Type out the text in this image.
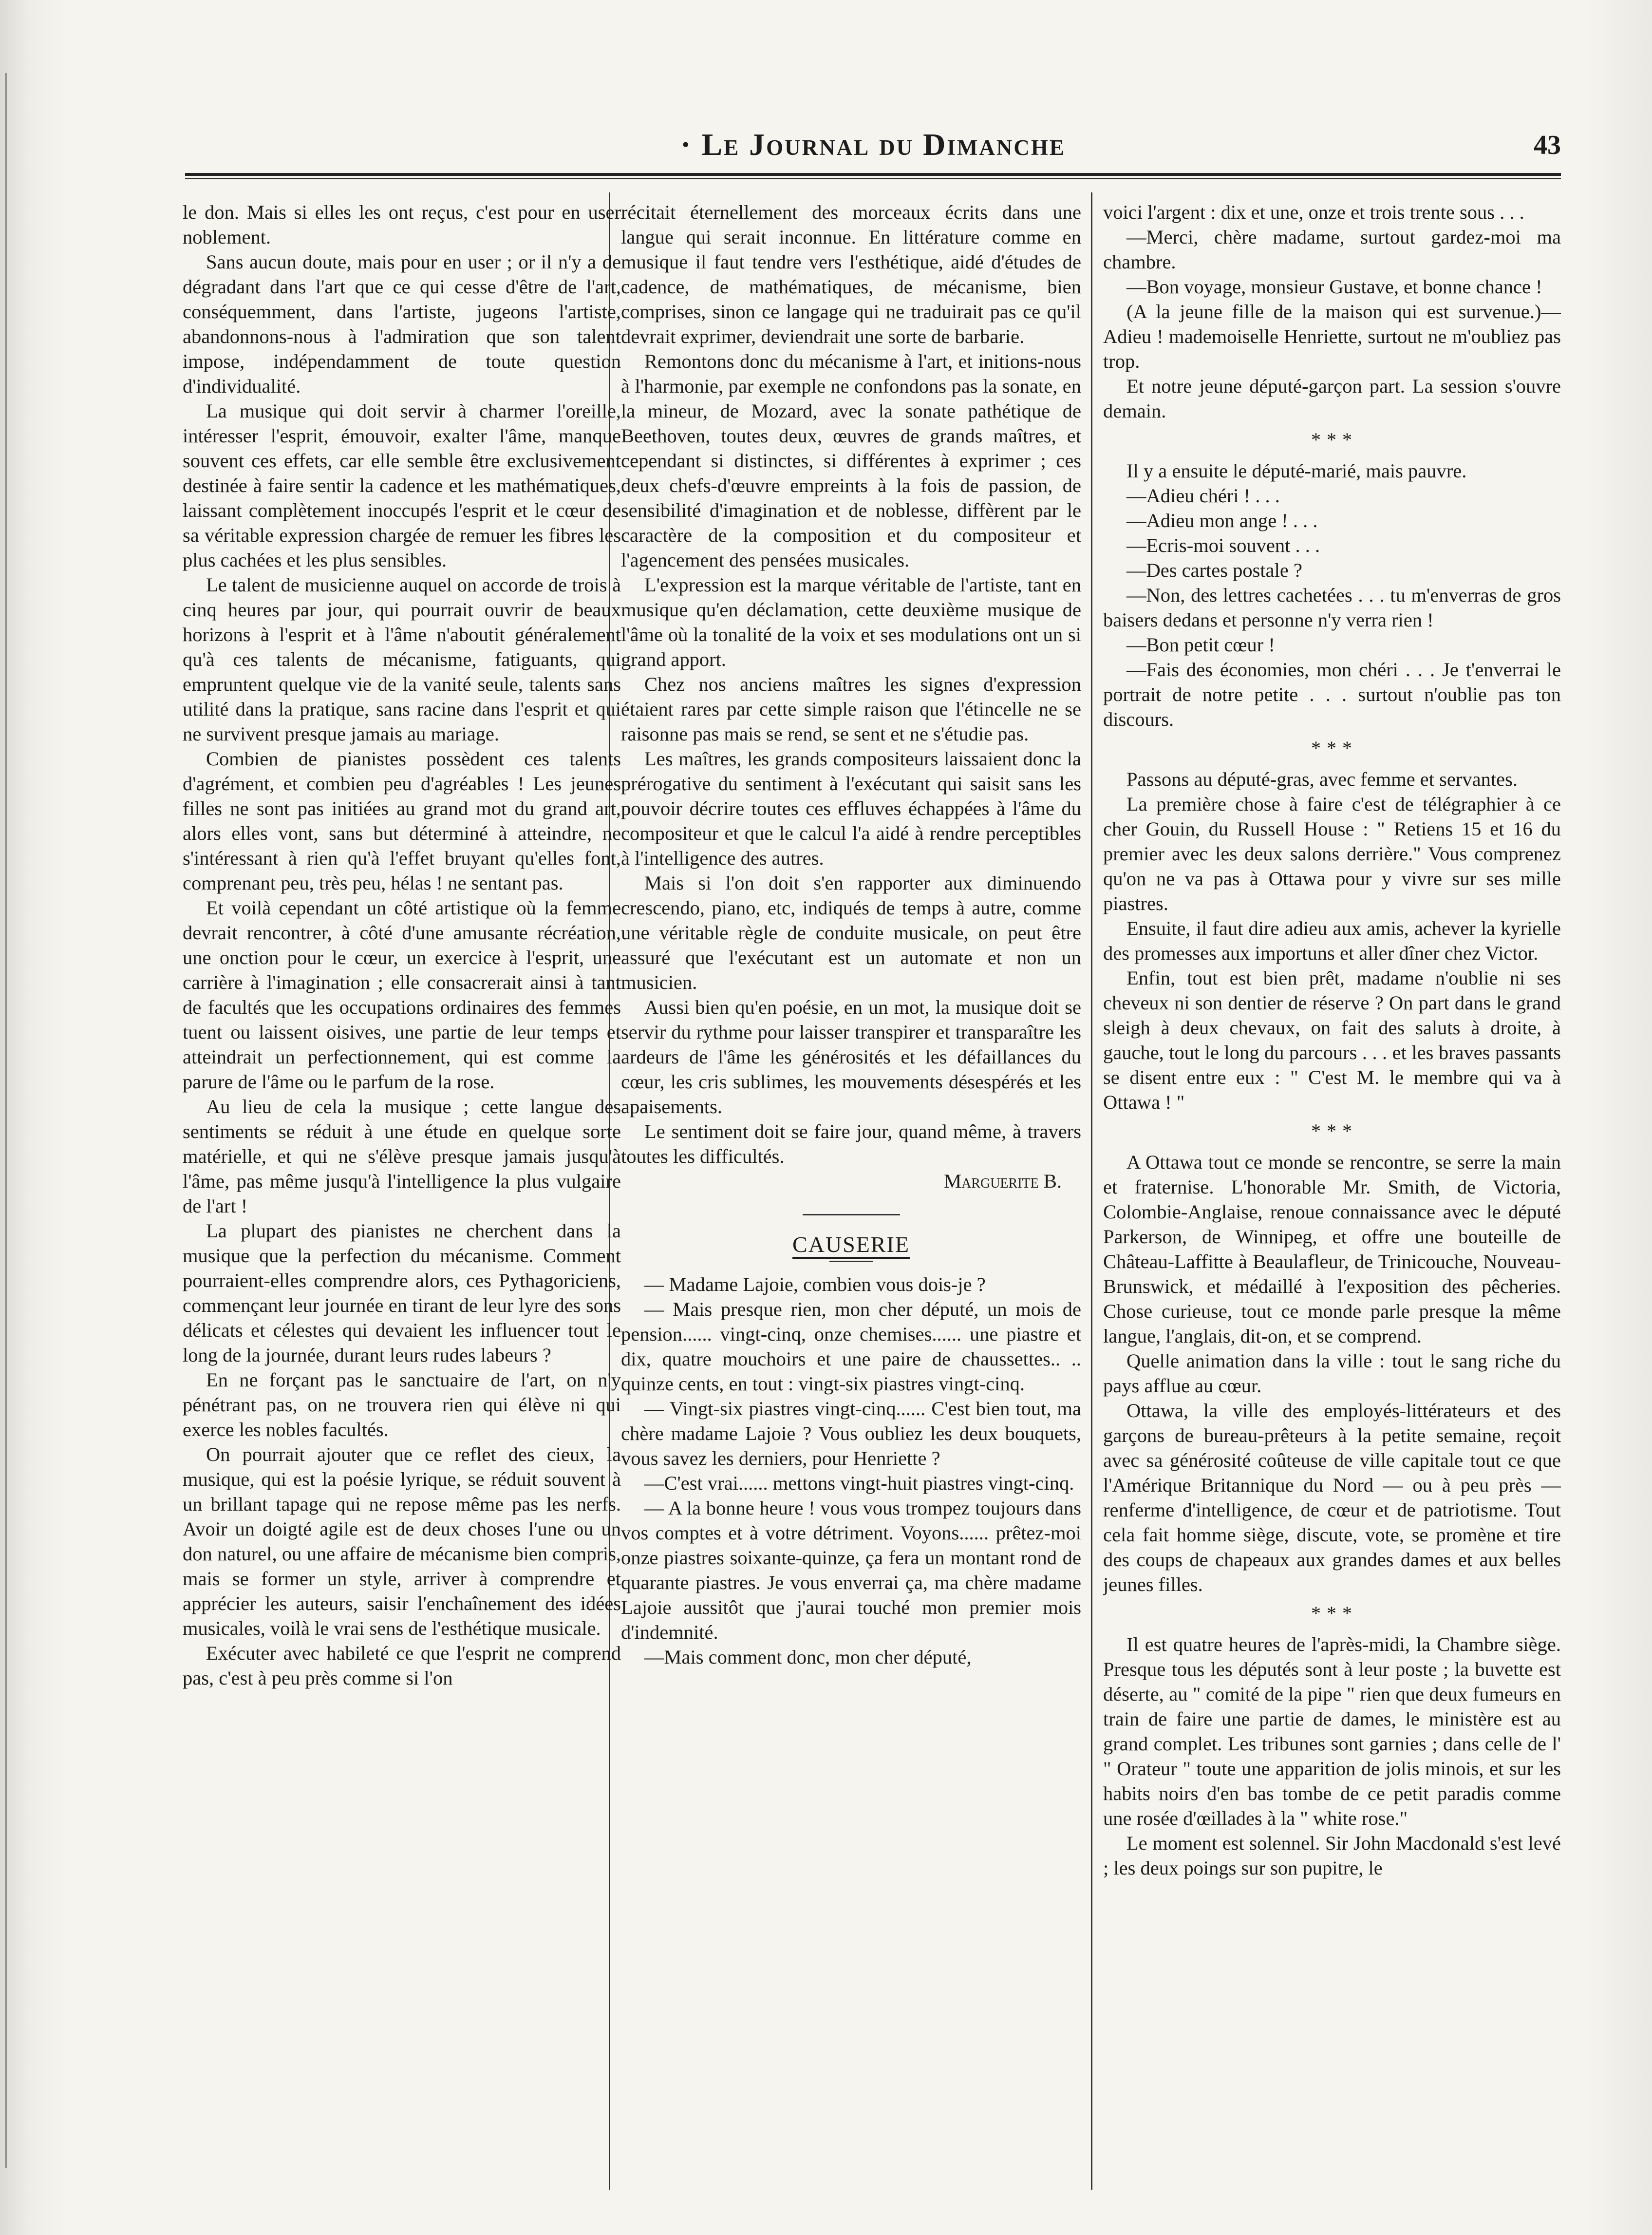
· Le Journal du Dimanche	43

le don. Mais si elles les ont reçus, c'est pour en user noblement.

Sans aucun doute, mais pour en user ; or il n'y a de dégradant dans l'art que ce qui cesse d'être de l'art, conséquemment, dans l'artiste, jugeons l'artiste, abandonnons-nous à l'admiration que son talent impose, indépendamment de toute question d'individualité.

La musique qui doit servir à charmer l'oreille, intéresser l'esprit, émouvoir, exalter l'âme, manque souvent ces effets, car elle semble être exclusivement destinée à faire sentir la cadence et les mathématiques, laissant complètement inoccupés l'esprit et le cœur de sa véritable expression chargée de remuer les fibres les plus cachées et les plus sensibles.

Le talent de musicienne auquel on accorde de trois à cinq heures par jour, qui pourrait ouvrir de beaux horizons à l'esprit et à l'âme n'aboutit généralement qu'à ces talents de mécanisme, fatiguants, qui empruntent quelque vie de la vanité seule, talents sans utilité dans la pratique, sans racine dans l'esprit et qui ne survivent presque jamais au mariage.

Combien de pianistes possèdent ces talents d'agrément, et combien peu d'agréables ! Les jeunes filles ne sont pas initiées au grand mot du grand art, alors elles vont, sans but déterminé à atteindre, ne s'intéressant à rien qu'à l'effet bruyant qu'elles font, comprenant peu, très peu, hélas ! ne sentant pas.

Et voilà cependant un côté artistique où la femme devrait rencontrer, à côté d'une amusante récréation, une onction pour le cœur, un exercice à l'esprit, une carrière à l'imagination ; elle consacrerait ainsi à tant de facultés que les occupations ordinaires des femmes tuent ou laissent oisives, une partie de leur temps et atteindrait un perfectionnement, qui est comme la parure de l'âme ou le parfum de la rose.

Au lieu de cela la musique ; cette langue des sentiments se réduit à une étude en quelque sorte matérielle, et qui ne s'élève presque jamais jusqu'à l'âme, pas même jusqu'à l'intelligence la plus vulgaire de l'art !

La plupart des pianistes ne cherchent dans la musique que la perfection du mécanisme. Comment pourraient-elles comprendre alors, ces Pythagoriciens, commençant leur journée en tirant de leur lyre des sons délicats et célestes qui devaient les influencer tout le long de la journée, durant leurs rudes labeurs ?

En ne forçant pas le sanctuaire de l'art, on n'y pénétrant pas, on ne trouvera rien qui élève ni qui exerce les nobles facultés.

On pourrait ajouter que ce reflet des cieux, la musique, qui est la poésie lyrique, se réduit souvent à un brillant tapage qui ne repose même pas les nerfs. Avoir un doigté agile est de deux choses l'une ou un don naturel, ou une affaire de mécanisme bien compris, mais se former un style, arriver à comprendre et apprécier les auteurs, saisir l'enchaînement des idées musicales, voilà le vrai sens de l'esthétique musicale.

Exécuter avec habileté ce que l'esprit ne comprend pas, c'est à peu près comme si l'on

récitait éternellement des morceaux écrits dans une langue qui serait inconnue. En littérature comme en musique il faut tendre vers l'esthétique, aidé d'études de cadence, de mathématiques, de mécanisme, bien comprises, sinon ce langage qui ne traduirait pas ce qu'il devrait exprimer, deviendrait une sorte de barbarie.

Remontons donc du mécanisme à l'art, et initions-nous à l'harmonie, par exemple ne confondons pas la sonate, en la mineur, de Mozard, avec la sonate pathétique de Beethoven, toutes deux, œuvres de grands maîtres, et cependant si distinctes, si différentes à exprimer ; ces deux chefs-d'œuvre empreints à la fois de passion, de sensibilité d'imagination et de noblesse, diffèrent par le caractère de la composition et du compositeur et l'agencement des pensées musicales.

L'expression est la marque véritable de l'artiste, tant en musique qu'en déclamation, cette deuxième musique de l'âme où la tonalité de la voix et ses modulations ont un si grand apport.

Chez nos anciens maîtres les signes d'expression étaient rares par cette simple raison que l'étincelle ne se raisonne pas mais se rend, se sent et ne s'étudie pas.

Les maîtres, les grands compositeurs laissaient donc la prérogative du sentiment à l'exécutant qui saisit sans les pouvoir décrire toutes ces effluves échappées à l'âme du compositeur et que le calcul l'a aidé à rendre perceptibles à l'intelligence des autres.

Mais si l'on doit s'en rapporter aux diminuendo crescendo, piano, etc, indiqués de temps à autre, comme une véritable règle de conduite musicale, on peut être assuré que l'exécutant est un automate et non un musicien.

Aussi bien qu'en poésie, en un mot, la musique doit se servir du rythme pour laisser transpirer et transparaître les ardeurs de l'âme les générosités et les défaillances du cœur, les cris sublimes, les mouvements désespérés et les apaisements.

Le sentiment doit se faire jour, quand même, à travers toutes les difficultés.

Marguerite B.

CAUSERIE

— Madame Lajoie, combien vous dois-je ?

— Mais presque rien, mon cher député, un mois de pension...... vingt-cinq, onze chemises...... une piastre et dix, quatre mouchoirs et une paire de chaussettes.. .. quinze cents, en tout : vingt-six piastres vingt-cinq.

— Vingt-six piastres vingt-cinq...... C'est bien tout, ma chère madame Lajoie ? Vous oubliez les deux bouquets, vous savez les derniers, pour Henriette ?

—C'est vrai...... mettons vingt-huit piastres vingt-cinq.

— A la bonne heure ! vous vous trompez toujours dans vos comptes et à votre détriment. Voyons...... prêtez-moi onze piastres soixante-quinze, ça fera un montant rond de quarante piastres. Je vous enverrai ça, ma chère madame Lajoie aussitôt que j'aurai touché mon premier mois d'indemnité.

—Mais comment donc, mon cher député,

voici l'argent : dix et une, onze et trois trente sous . . .

—Merci, chère madame, surtout gardez-moi ma chambre.

—Bon voyage, monsieur Gustave, et bonne chance !

(A la jeune fille de la maison qui est survenue.)—Adieu ! mademoiselle Henriette, surtout ne m'oubliez pas trop.

Et notre jeune député-garçon part. La session s'ouvre demain.

* * *

Il y a ensuite le député-marié, mais pauvre.

—Adieu chéri ! . . .

—Adieu mon ange ! . . .

—Ecris-moi souvent . . .

—Des cartes postale ?

—Non, des lettres cachetées . . . tu m'enverras de gros baisers dedans et personne n'y verra rien !

—Bon petit cœur !

—Fais des économies, mon chéri . . . Je t'enverrai le portrait de notre petite . . . surtout n'oublie pas ton discours.

* * *

Passons au député-gras, avec femme et servantes.

La première chose à faire c'est de télégraphier à ce cher Gouin, du Russell House : " Retiens 15 et 16 du premier avec les deux salons derrière." Vous comprenez qu'on ne va pas à Ottawa pour y vivre sur ses mille piastres.

Ensuite, il faut dire adieu aux amis, achever la kyrielle des promesses aux importuns et aller dîner chez Victor.

Enfin, tout est bien prêt, madame n'oublie ni ses cheveux ni son dentier de réserve ? On part dans le grand sleigh à deux chevaux, on fait des saluts à droite, à gauche, tout le long du parcours . . . et les braves passants se disent entre eux : " C'est M. le membre qui va à Ottawa ! "

* * *

A Ottawa tout ce monde se rencontre, se serre la main et fraternise. L'honorable Mr. Smith, de Victoria, Colombie-Anglaise, renoue connaissance avec le député Parkerson, de Winnipeg, et offre une bouteille de Château-Laffitte à Beaulafleur, de Trinicouche, Nouveau-Brunswick, et médaillé à l'exposition des pêcheries. Chose curieuse, tout ce monde parle presque la même langue, l'anglais, dit-on, et se comprend.

Quelle animation dans la ville : tout le sang riche du pays afflue au cœur.

Ottawa, la ville des employés-littérateurs et des garçons de bureau-prêteurs à la petite semaine, reçoit avec sa générosité coûteuse de ville capitale tout ce que l'Amérique Britannique du Nord — ou à peu près — renferme d'intelligence, de cœur et de patriotisme. Tout cela fait homme siège, discute, vote, se promène et tire des coups de chapeaux aux grandes dames et aux belles jeunes filles.

* * *

Il est quatre heures de l'après-midi, la Chambre siège. Presque tous les députés sont à leur poste ; la buvette est déserte, au " comité de la pipe " rien que deux fumeurs en train de faire une partie de dames, le ministère est au grand complet. Les tribunes sont garnies ; dans celle de l' " Orateur " toute une apparition de jolis minois, et sur les habits noirs d'en bas tombe de ce petit paradis comme une rosée d'œillades à la " white rose."

Le moment est solennel. Sir John Macdonald s'est levé ; les deux poings sur son pupitre, le
